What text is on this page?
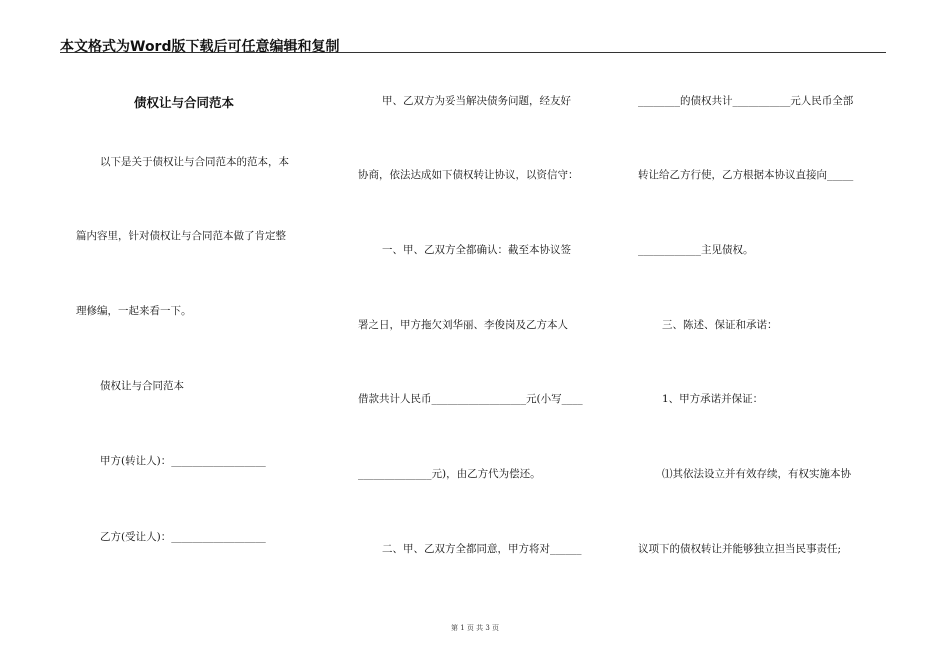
本文格式为Word版下载后可任意编辑和复制
债权让与合同范本
以下是关于债权让与合同范本的范本，本
篇内容里，针对债权让与合同范本做了肯定整
理修编，一起来看一下。
债权让与合同范本
甲方(转让人)：__________________
乙方(受让人)：__________________
甲、乙双方为妥当解决债务问题，经友好
协商，依法达成如下债权转让协议，以资信守：
一、甲、乙双方全都确认：截至本协议签
署之日，甲方拖欠刘华丽、李俊岗及乙方本人
借款共计人民币__________________元(小写____
______________元)，由乙方代为偿还。
二、甲、乙双方全都同意，甲方将对______
________的债权共计___________元人民币全部
转让给乙方行使，乙方根据本协议直接向_____
____________主见债权。
三、陈述、保证和承诺：
1、甲方承诺并保证：
⑴其依法设立并有效存续，有权实施本协
议项下的债权转让并能够独立担当民事责任;
第 1 页 共 3 页
